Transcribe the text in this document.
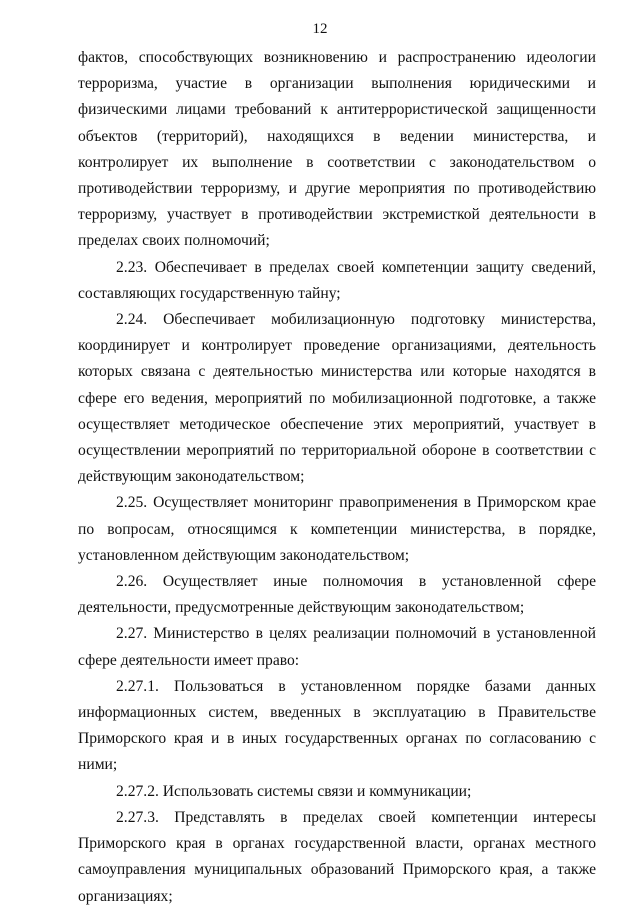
12

фактов, способствующих возникновению и распространению идеологии терроризма, участие в организации выполнения юридическими и физическими лицами требований к антитеррористической защищенности объектов (территорий), находящихся в ведении министерства, и контролирует их выполнение в соответствии с законодательством о противодействии терроризму, и другие мероприятия по противодействию терроризму, участвует в противодействии экстремисткой деятельности в пределах своих полномочий;

2.23. Обеспечивает в пределах своей компетенции защиту сведений, составляющих государственную тайну;

2.24. Обеспечивает мобилизационную подготовку министерства, координирует и контролирует проведение организациями, деятельность которых связана с деятельностью министерства или которые находятся в сфере его ведения, мероприятий по мобилизационной подготовке, а также осуществляет методическое обеспечение этих мероприятий, участвует в осуществлении мероприятий по территориальной обороне в соответствии с действующим законодательством;

2.25. Осуществляет мониторинг правоприменения в Приморском крае по вопросам, относящимся к компетенции министерства, в порядке, установленном действующим законодательством;

2.26. Осуществляет иные полномочия в установленной сфере деятельности, предусмотренные действующим законодательством;

2.27. Министерство в целях реализации полномочий в установленной сфере деятельности имеет право:

2.27.1. Пользоваться в установленном порядке базами данных информационных систем, введенных в эксплуатацию в Правительстве Приморского края и в иных государственных органах по согласованию с ними;

2.27.2. Использовать системы связи и коммуникации;

2.27.3. Представлять в пределах своей компетенции интересы Приморского края в органах государственной власти, органах местного самоуправления муниципальных образований Приморского края, а также организациях;
